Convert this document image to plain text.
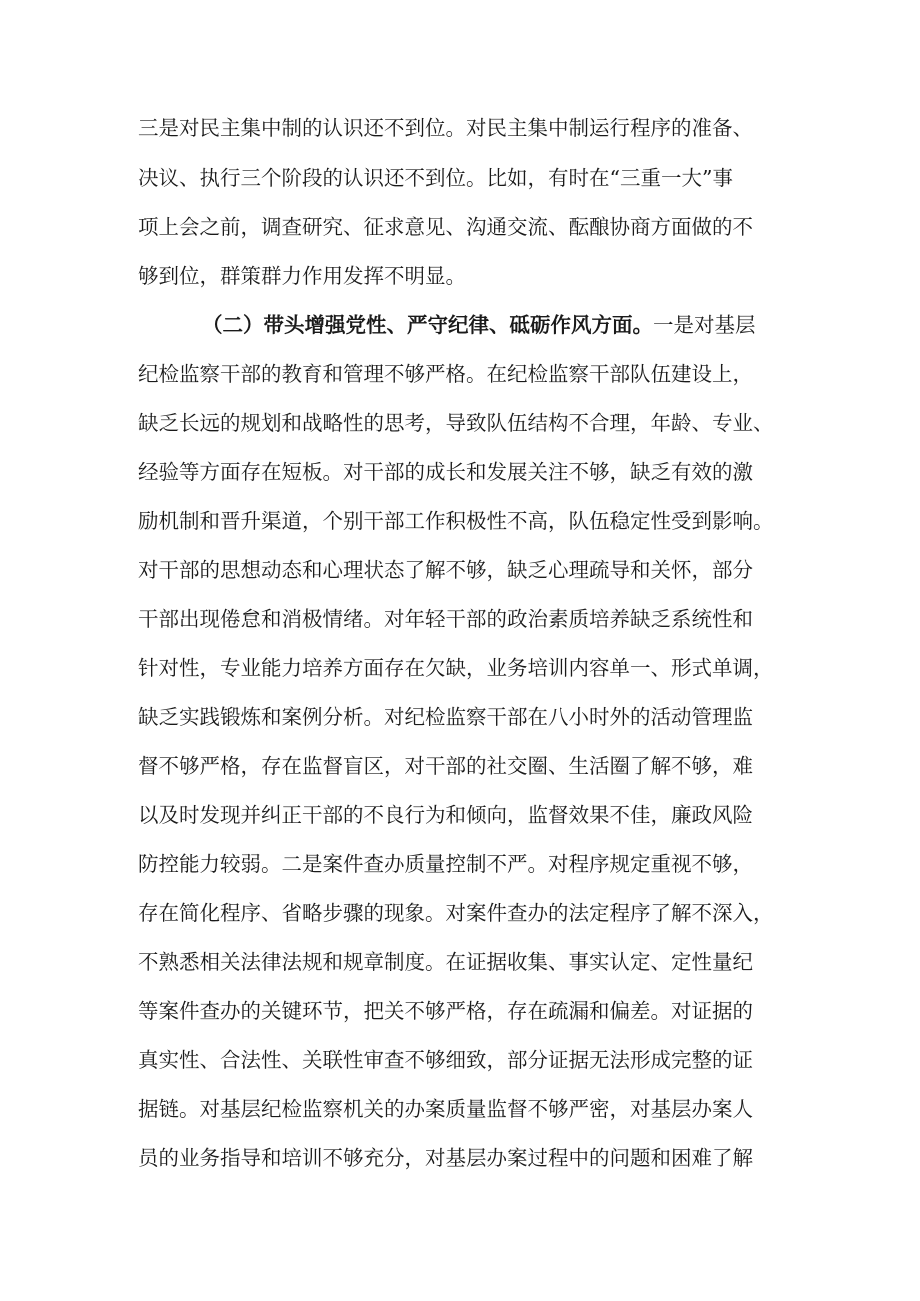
三是对民主集中制的认识还不到位。对民主集中制运行程序的准备、
决议、执行三个阶段的认识还不到位。比如，有时在“三重一大”事
项上会之前，调查研究、征求意见、沟通交流、酝酿协商方面做的不
够到位，群策群力作用发挥不明显。
（二）带头增强党性、严守纪律、砥砺作风方面。一是对基层
纪检监察干部的教育和管理不够严格。在纪检监察干部队伍建设上，
缺乏长远的规划和战略性的思考，导致队伍结构不合理，年龄、专业、
经验等方面存在短板。对干部的成长和发展关注不够，缺乏有效的激
励机制和晋升渠道，个别干部工作积极性不高，队伍稳定性受到影响。
对干部的思想动态和心理状态了解不够，缺乏心理疏导和关怀，部分
干部出现倦怠和消极情绪。对年轻干部的政治素质培养缺乏系统性和
针对性，专业能力培养方面存在欠缺，业务培训内容单一、形式单调，
缺乏实践锻炼和案例分析。对纪检监察干部在八小时外的活动管理监
督不够严格，存在监督盲区，对干部的社交圈、生活圈了解不够，难
以及时发现并纠正干部的不良行为和倾向，监督效果不佳，廉政风险
防控能力较弱。二是案件查办质量控制不严。对程序规定重视不够，
存在简化程序、省略步骤的现象。对案件查办的法定程序了解不深入，
不熟悉相关法律法规和规章制度。在证据收集、事实认定、定性量纪
等案件查办的关键环节，把关不够严格，存在疏漏和偏差。对证据的
真实性、合法性、关联性审查不够细致，部分证据无法形成完整的证
据链。对基层纪检监察机关的办案质量监督不够严密，对基层办案人
员的业务指导和培训不够充分，对基层办案过程中的问题和困难了解
